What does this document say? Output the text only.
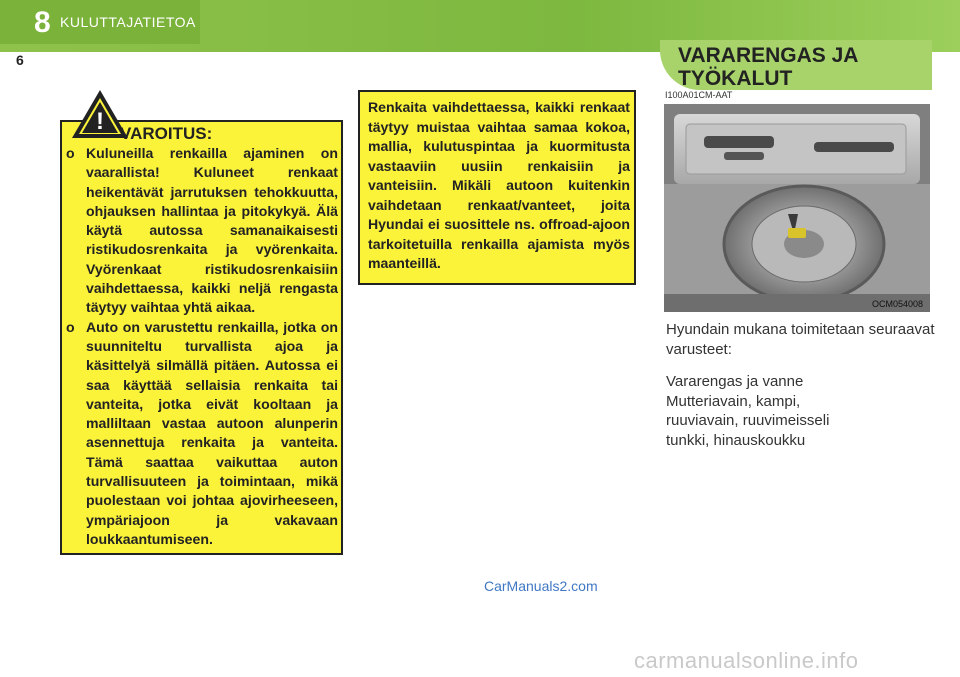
8 KULUTTAJATIETOA
6	VARARENGAS JA
TYÖKALUT
I100A01CM-AAT
! VAROITUS:
o Kuluneilla renkailla ajaminen on vaarallista! Kuluneet renkaat heikentävät jarrutuksen tehokkuutta, ohjauksen hallintaa ja pitokykyä. Älä käytä autossa samanaikaisesti ristikudosrenkaita ja vyörenkaita. Vyörenkaat ristikudosrenkaisiin vaihdettaessa, kaikki neljä rengasta täytyy vaihtaa yhtä aikaa.
o Auto on varustettu renkailla, jotka on suunniteltu turvallista ajoa ja käsittelyä silmällä pitäen. Autossa ei saa käyttää sellaisia renkaita tai vanteita, jotka eivät kooltaan ja malliltaan vastaa autoon alunperin asennettuja renkaita ja vanteita. Tämä saattaa vaikuttaa auton turvallisuuteen ja toimintaan, mikä puolestaan voi johtaa ajovirheeseen, ympäriajoon ja vakavaan loukkaantumiseen.
Renkaita vaihdettaessa, kaikki renkaat täytyy muistaa vaihtaa samaa kokoa, mallia, kulutuspintaa ja kuormitusta vastaaviin uusiin renkaisiin ja vanteisiin. Mikäli autoon kuitenkin vaihdetaan renkaat/vanteet, joita Hyundai ei suosittele ns. offroad-ajoon tarkoitetuilla renkailla ajamista myös maanteillä.
OCM054008
Hyundain mukana toimitetaan seuraavat varusteet:
Vararengas ja vanne
Mutteriavain, kampi,
ruuviavain, ruuvimeisseli
tunkki, hinauskoukku
CarManuals2.com
carmanualsonline.info
